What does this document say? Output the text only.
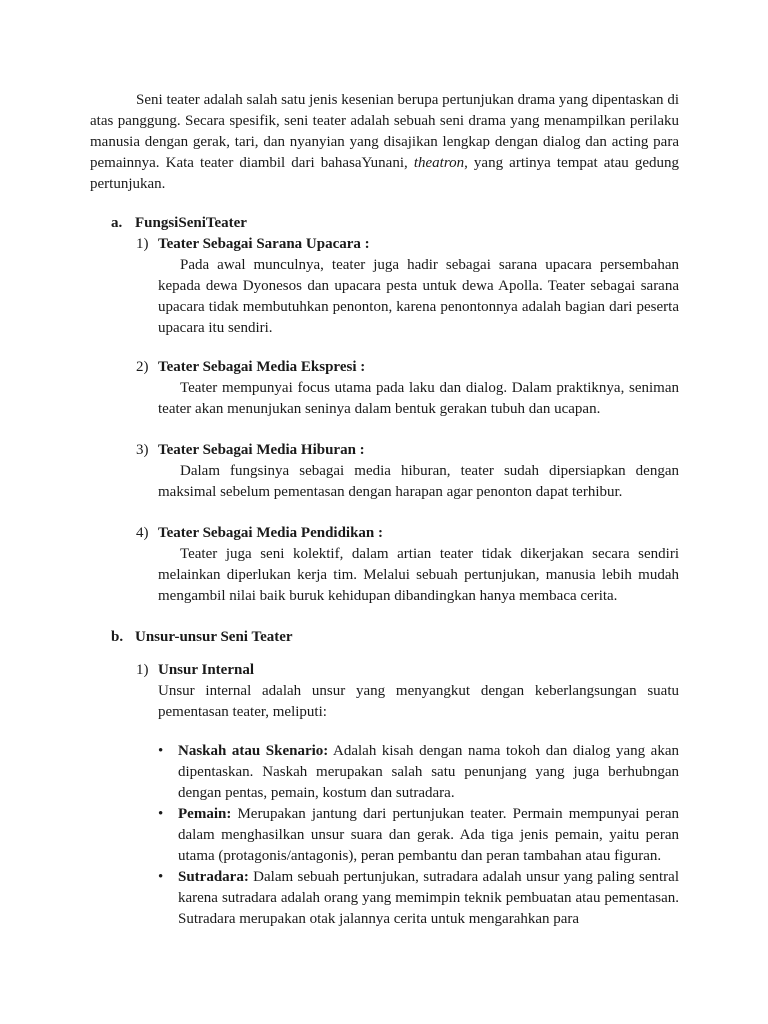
Seni teater adalah salah satu jenis kesenian berupa pertunjukan drama yang dipentaskan di atas panggung. Secara spesifik, seni teater adalah sebuah seni drama yang menampilkan perilaku manusia dengan gerak, tari, dan nyanyian yang disajikan lengkap dengan dialog dan acting para pemainnya. Kata teater diambil dari bahasaYunani, theatron, yang artinya tempat atau gedung pertunjukan.

a. FungsiSeniTeater
1) Teater Sebagai Sarana Upacara :

Pada awal munculnya, teater juga hadir sebagai sarana upacara persembahan kepada dewa Dyonesos dan upacara pesta untuk dewa Apolla. Teater sebagai sarana upacara tidak membutuhkan penonton, karena penontonnya adalah bagian dari peserta upacara itu sendiri.

2) Teater Sebagai Media Ekspresi :

Teater mempunyai focus utama pada laku dan dialog. Dalam praktiknya, seniman teater akan menunjukan seninya dalam bentuk gerakan tubuh dan ucapan.

3) Teater Sebagai Media Hiburan :

Dalam fungsinya sebagai media hiburan, teater sudah dipersiapkan dengan maksimal sebelum pementasan dengan harapan agar penonton dapat terhibur.

4) Teater Sebagai Media Pendidikan :

Teater juga seni kolektif, dalam artian teater tidak dikerjakan secara sendiri melainkan diperlukan kerja tim. Melalui sebuah pertunjukan, manusia lebih mudah mengambil nilai baik buruk kehidupan dibandingkan hanya membaca cerita.

b. Unsur-unsur Seni Teater
1) Unsur Internal

Unsur internal adalah unsur yang menyangkut dengan keberlangsungan suatu pementasan teater, meliputi:

•

Naskah atau Skenario: Adalah kisah dengan nama tokoh dan dialog yang akan dipentaskan. Naskah merupakan salah satu penunjang yang juga berhubngan dengan pentas, pemain, kostum dan sutradara.

•

Pemain: Merupakan jantung dari pertunjukan teater. Permain mempunyai peran dalam menghasilkan unsur suara dan gerak. Ada tiga jenis pemain, yaitu peran utama (protagonis/antagonis), peran pembantu dan peran tambahan atau figuran.

•

Sutradara: Dalam sebuah pertunjukan, sutradara adalah unsur yang paling sentral karena sutradara adalah orang yang memimpin teknik pembuatan atau pementasan. Sutradara merupakan otak jalannya cerita untuk mengarahkan para
